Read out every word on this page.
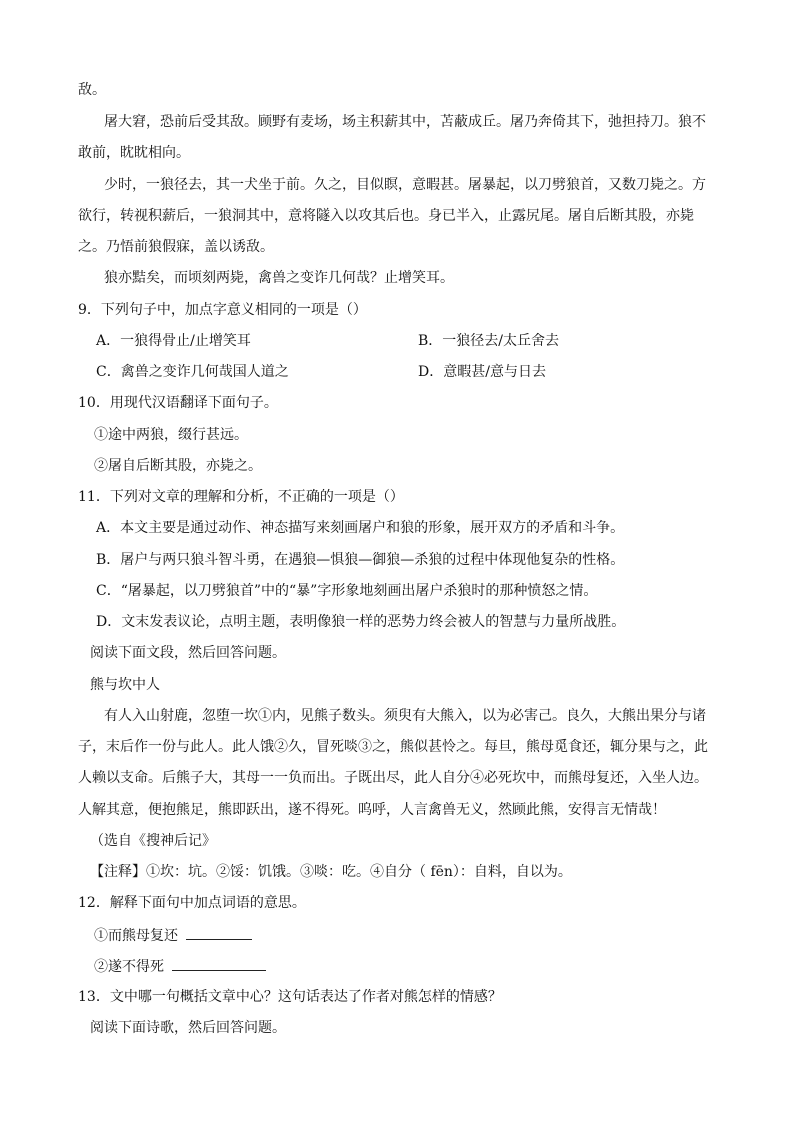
敌。
屠大窘，恐前后受其敌。顾野有麦场，场主积薪其中，苫蔽成丘。屠乃奔倚其下，弛担持刀。狼不
敢前，眈眈相向。
少时，一狼径去，其一犬坐于前。久之，目似瞑，意暇甚。屠暴起，以刀劈狼首，又数刀毙之。方
欲行，转视积薪后，一狼洞其中，意将隧入以攻其后也。身已半入，止露尻尾。屠自后断其股，亦毙
之。乃悟前狼假寐，盖以诱敌。
狼亦黠矣，而顷刻两毙，禽兽之变诈几何哉？止增笑耳。
9．下列句子中，加点字意义相同的一项是（）
A．一狼得骨止/止增笑耳	B．一狼径去/太丘舍去
C．禽兽之变诈几何哉国人道之	D．意暇甚/意与日去
10．用现代汉语翻译下面句子。
①途中两狼，缀行甚远。
②屠自后断其股，亦毙之。
11．下列对文章的理解和分析，不正确的一项是（）
A．本文主要是通过动作、神态描写来刻画屠户和狼的形象，展开双方的矛盾和斗争。
B．屠户与两只狼斗智斗勇，在遇狼—惧狼—御狼—杀狼的过程中体现他复杂的性格。
C．“屠暴起，以刀劈狼首”中的“暴”字形象地刻画出屠户杀狼时的那种愤怒之情。
D．文末发表议论，点明主题，表明像狼一样的恶势力终会被人的智慧与力量所战胜。
阅读下面文段，然后回答问题。
熊与坎中人
有人入山射鹿，忽堕一坎①内，见熊子数头。须臾有大熊入，以为必害己。良久，大熊出果分与诸
子，末后作一份与此人。此人饿②久，冒死啖③之，熊似甚怜之。每旦，熊母觅食还，辄分果与之，此
人赖以支命。后熊子大，其母一一负而出。子既出尽，此人自分④必死坎中，而熊母复还，入坐人边。
人解其意，便抱熊足，熊即跃出，遂不得死。呜呼，人言禽兽无义，然顾此熊，安得言无情哉！
（选自《搜神后记》
【注释】①坎：坑。②馁：饥饿。③啖：吃。④自分（ fēn）：自料，自以为。
12．解释下面句中加点词语的意思。
①而熊母复还
②遂不得死
13．文中哪一句概括文章中心？这句话表达了作者对熊怎样的情感？
阅读下面诗歌，然后回答问题。
